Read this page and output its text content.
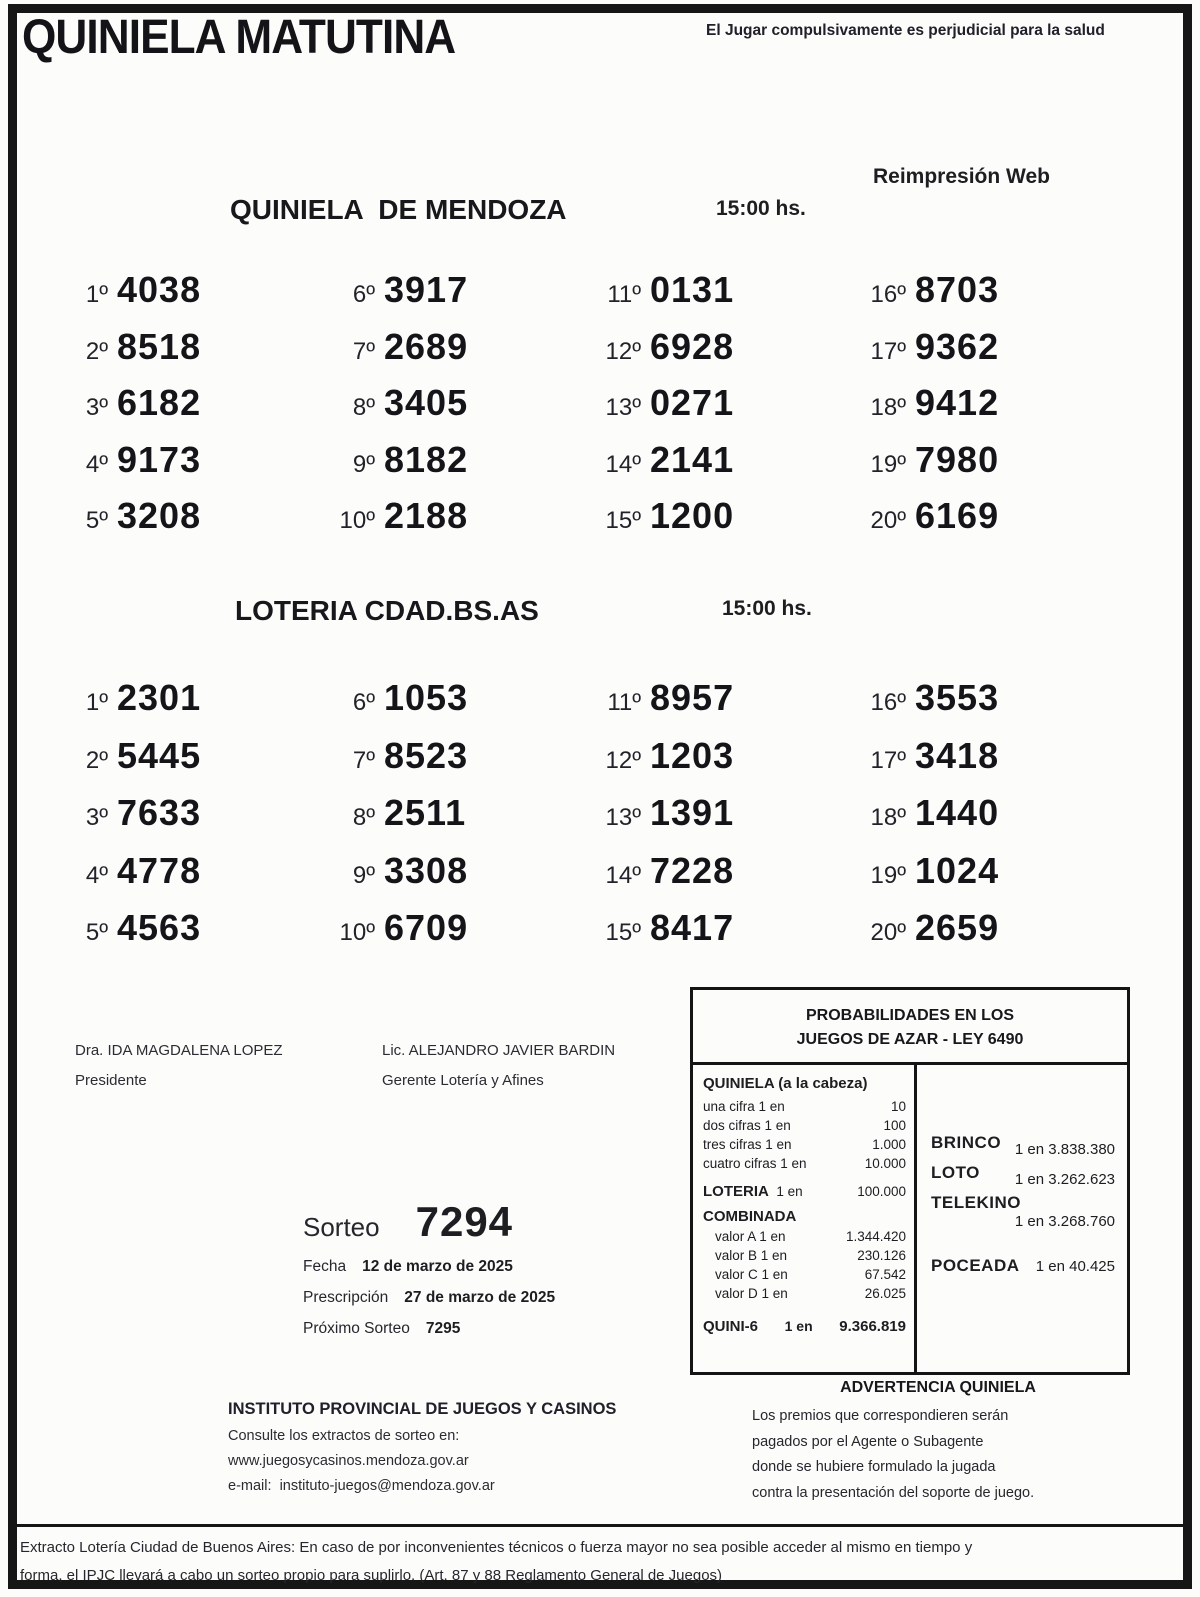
QUINIELA MATUTINA	El Jugar compulsivamente es perjudicial para la salud
Reimpresión Web
QUINIELA  DE MENDOZA	15:00 hs.
1º 4038
2º 8518
3º 6182
4º 9173
5º 3208
6º 3917
7º 2689
8º 3405
9º 8182
10º 2188
11º 0131
12º 6928
13º 0271
14º 2141
15º 1200
16º 8703
17º 9362
18º 9412
19º 7980
20º 6169
LOTERIA CDAD.BS.AS	15:00 hs.
1º 2301
2º 5445
3º 7633
4º 4778
5º 4563
6º 1053
7º 8523
8º 2511
9º 3308
10º 6709
11º 8957
12º 1203
13º 1391
14º 7228
15º 8417
16º 3553
17º 3418
18º 1440
19º 1024
20º 2659
Dra. IDA MAGDALENA LOPEZ
Presidente
Lic. ALEJANDRO JAVIER BARDIN
Gerente Lotería y Afines
Sorteo 7294
Fecha 12 de marzo de 2025
Prescripción 27 de marzo de 2025
Próximo Sorteo 7295
PROBABILIDADES EN LOS
JUEGOS DE AZAR - LEY 6490
QUINIELA (a la cabeza)
una cifra 1 en	10
dos cifras 1 en	100
tres cifras 1 en	1.000
cuatro cifras 1 en	10.000
LOTERIA 1 en	100.000
COMBINADA
valor A 1 en	1.344.420
valor B 1 en	230.126
valor C 1 en	67.542
valor D 1 en	26.025
QUINI-6 1 en 9.366.819
BRINCO 1 en 3.838.380
LOTO 1 en 3.262.623
TELEKINO
1 en 3.268.760
POCEADA 1 en 40.425
ADVERTENCIA QUINIELA
Los premios que correspondieren serán
pagados por el Agente o Subagente
donde se hubiere formulado la jugada
contra la presentación del soporte de juego.
INSTITUTO PROVINCIAL DE JUEGOS Y CASINOS
Consulte los extractos de sorteo en:
www.juegosycasinos.mendoza.gov.ar
e-mail:  instituto-juegos@mendoza.gov.ar
Extracto Lotería Ciudad de Buenos Aires: En caso de por inconvenientes técnicos o fuerza mayor no sea posible acceder al mismo en tiempo y
forma, el IPJC llevará a cabo un sorteo propio para suplirlo. (Art. 87 y 88 Reglamento General de Juegos)
